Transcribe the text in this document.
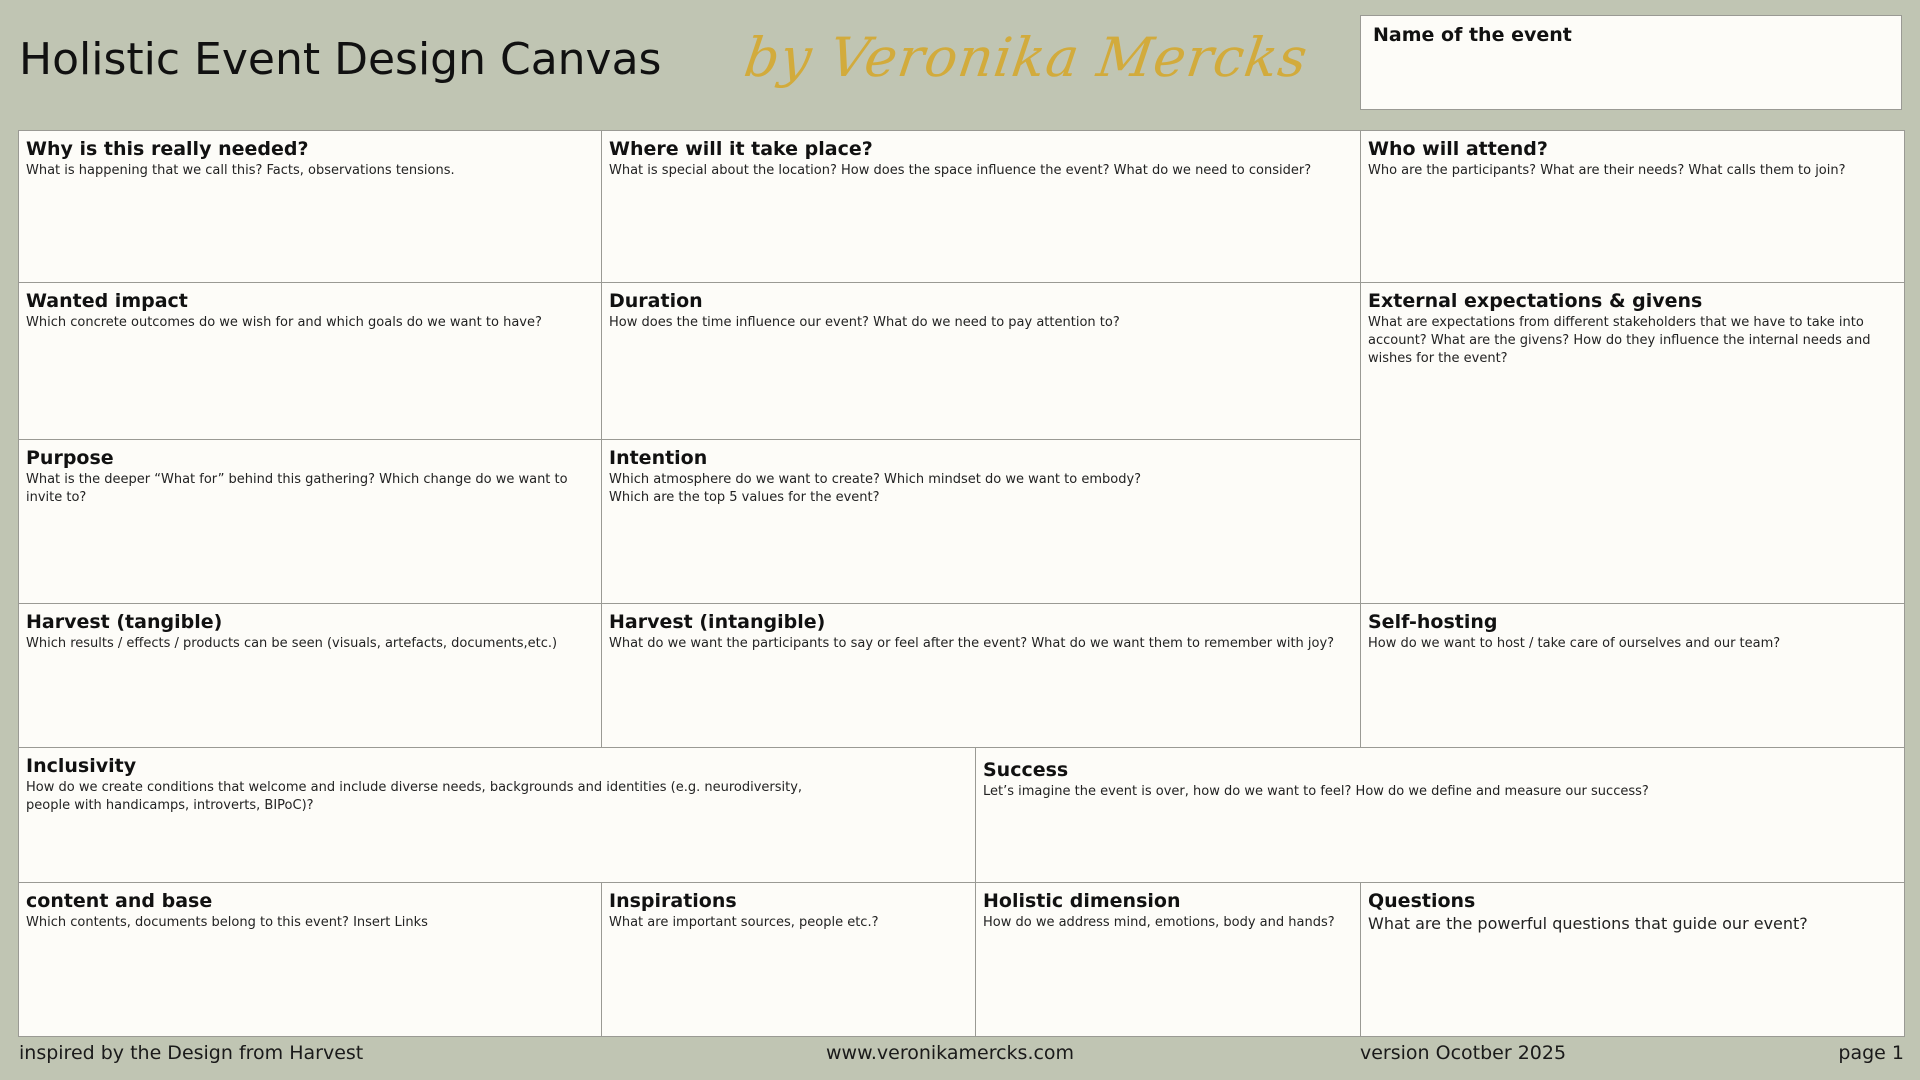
Holistic Event Design Canvas by Veronika Mercks	Name of the event
Why is this really needed?
What is happening that we call this? Facts, observations tensions.
Where will it take place?
What is special about the location? How does the space influence the event? What do we need to consider?
Who will attend?
Who are the participants? What are their needs? What calls them to join?
Wanted impact
Which concrete outcomes do we wish for and which goals do we want to have?
Duration
How does the time influence our event? What do we need to pay attention to?
External expectations & givens
What are expectations from different stakeholders that we have to take into account? What are the givens? How do they influence the internal needs and wishes for the event?
Purpose
What is the deeper “What for” behind this gathering? Which change do we want to invite to?
Intention
Which atmosphere do we want to create? Which mindset do we want to embody?
Which are the top 5 values for the event?
Harvest (tangible)
Which results / effects / products can be seen (visuals, artefacts, documents,etc.)
Harvest (intangible)
What do we want the participants to say or feel after the event? What do we want them to remember with joy?
Self-hosting
How do we want to host / take care of ourselves and our team?
Inclusivity
How do we create conditions that welcome and include diverse needs, backgrounds and identities (e.g. neurodiversity,
people with handicamps, introverts, BIPoC)?
Success
Let’s imagine the event is over, how do we want to feel? How do we define and measure our success?
content and base
Which contents, documents belong to this event? Insert Links
Inspirations
What are important sources, people etc.?
Holistic dimension
How do we address mind, emotions, body and hands?
Questions
What are the powerful questions that guide our event?
inspired by the Design from Harvest	www.veronikamercks.com	version Ocotber 2025	page 1
